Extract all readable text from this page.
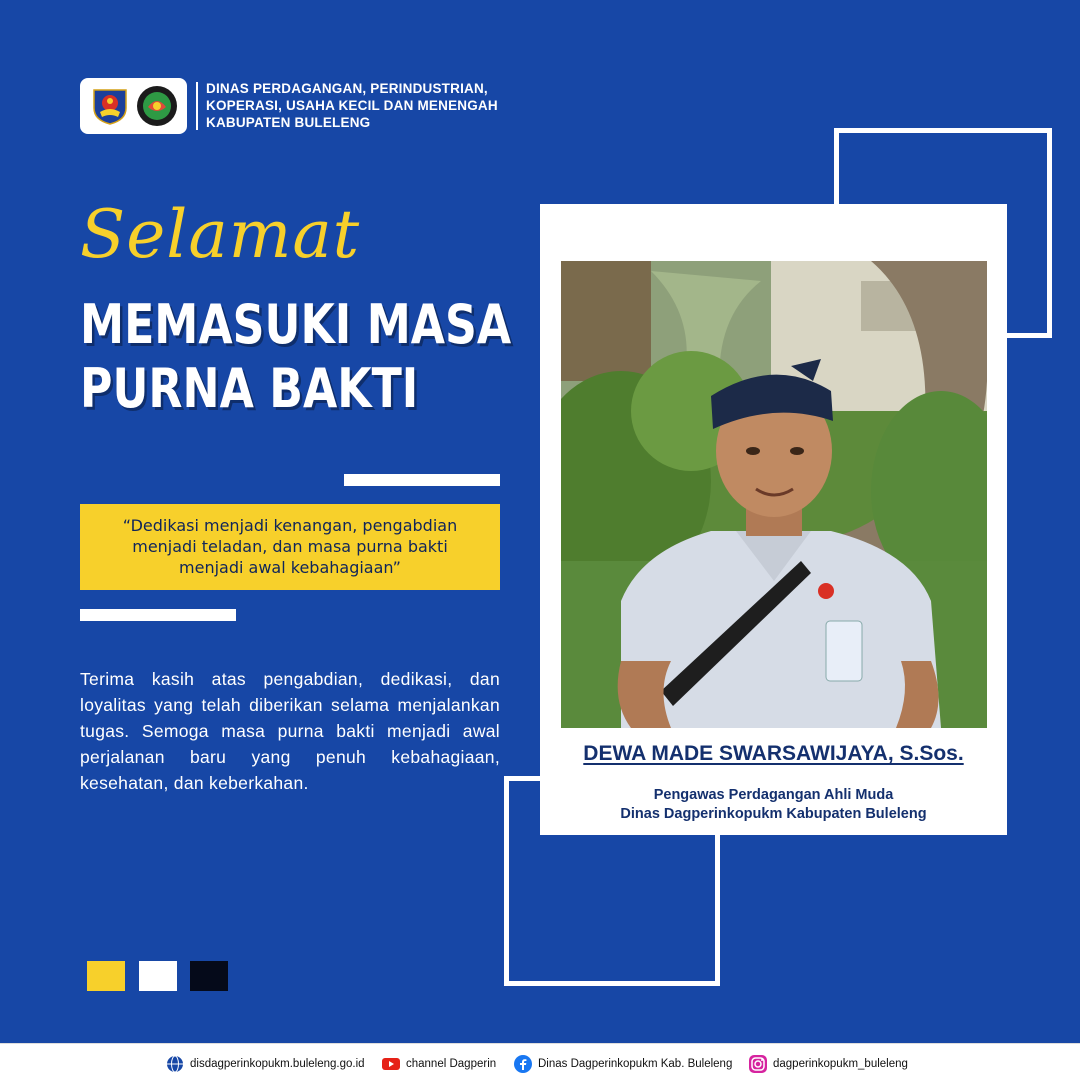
DINAS PERDAGANGAN, PERINDUSTRIAN,
KOPERASI, USAHA KECIL DAN MENENGAH
KABUPATEN BULELENG
Selamat
MEMASUKI MASA
PURNA BAKTI
“Dedikasi menjadi kenangan, pengabdian
menjadi teladan, dan masa purna bakti
menjadi awal kebahagiaan”
Terima kasih atas pengabdian, dedikasi, dan loyalitas yang telah diberikan selama menjalankan tugas. Semoga masa purna bakti menjadi awal perjalanan baru yang penuh kebahagiaan, kesehatan, dan keberkahan.
DEWA MADE SWARSAWIJAYA, S.Sos.
Pengawas Perdagangan Ahli Muda
Dinas Dagperinkopukm Kabupaten Buleleng
disdagperinkopukm.buleleng.go.id	channel Dagperin	Dinas Dagperinkopukm Kab. Buleleng	dagperinkopukm_buleleng
